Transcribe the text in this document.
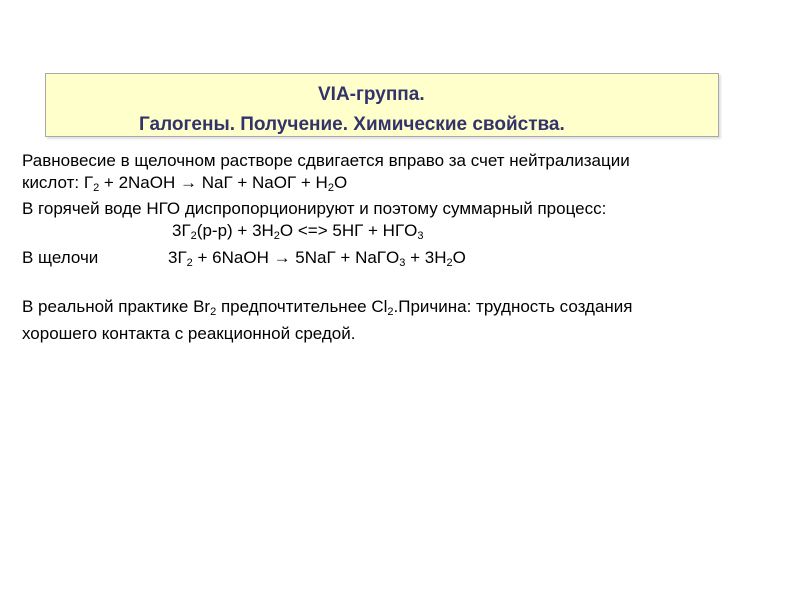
VIA-группа.
Галогены. Получение. Химические свойства.
Равновесие в щелочном растворе сдвигается вправо за счет нейтрализации
кислот: $Г_2$ + 2NaOH → NaГ + NaOГ + $H_2O$
В горячей воде НГО диспропорционируют и поэтому суммарный процесс:
$3Г_2(р-р) + 3H_2O$ <=> $5HГ + HГO_3$
В щелочи	$3Г_2$ + 6NaOH → 5NaГ + NaГO$_3$ + $3H_2O$
В реальной практике $Br_2$ предпочтительнее $Cl_2.Причина$: трудность создания
хорошего контакта с реакционной средой.
